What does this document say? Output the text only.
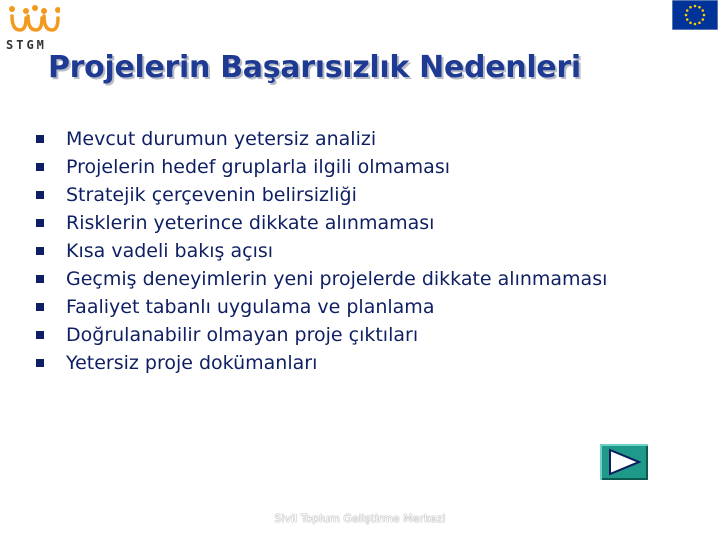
STGM
Projelerin Başarısızlık Nedenleri
Mevcut durumun yetersiz analizi
Projelerin hedef gruplarla ilgili olmaması
Stratejik çerçevenin belirsizliği
Risklerin yeterince dikkate alınmaması
Kısa vadeli bakış açısı
Geçmiş deneyimlerin yeni projelerde dikkate alınmaması
Faaliyet tabanlı uygulama ve planlama
Doğrulanabilir olmayan proje çıktıları
Yetersiz proje dokümanları
Sivil Toplum Geliştirme Merkezi
